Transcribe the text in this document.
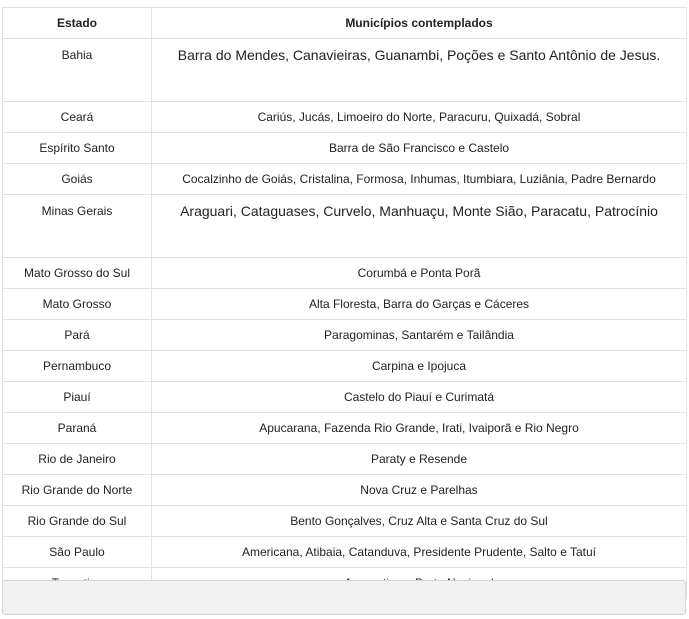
Estado	Municípios contemplados
Bahia	Barra do Mendes, Canavieiras, Guanambi, Poções e Santo Antônio de Jesus.
Ceará	Cariús, Jucás, Limoeiro do Norte, Paracuru, Quixadá, Sobral
Espírito Santo	Barra de São Francisco e Castelo
Goiás	Cocalzinho de Goiás, Cristalina, Formosa, Inhumas, Itumbiara, Luziânia, Padre Bernardo
Minas Gerais	Araguari, Cataguases, Curvelo, Manhuaçu, Monte Sião, Paracatu, Patrocínio
Mato Grosso do Sul	Corumbá e Ponta Porã
Mato Grosso	Alta Floresta, Barra do Garças e Cáceres
Pará	Paragominas, Santarém e Tailândia
Pernambuco	Carpina e Ipojuca
Piauí	Castelo do Piauí e Curimatá
Paraná	Apucarana, Fazenda Rio Grande, Irati, Ivaiporã e Rio Negro
Rio de Janeiro	Paraty e Resende
Rio Grande do Norte	Nova Cruz e Parelhas
Rio Grande do Sul	Bento Gonçalves, Cruz Alta e Santa Cruz do Sul
São Paulo	Americana, Atibaia, Catanduva, Presidente Prudente, Salto e Tatuí
